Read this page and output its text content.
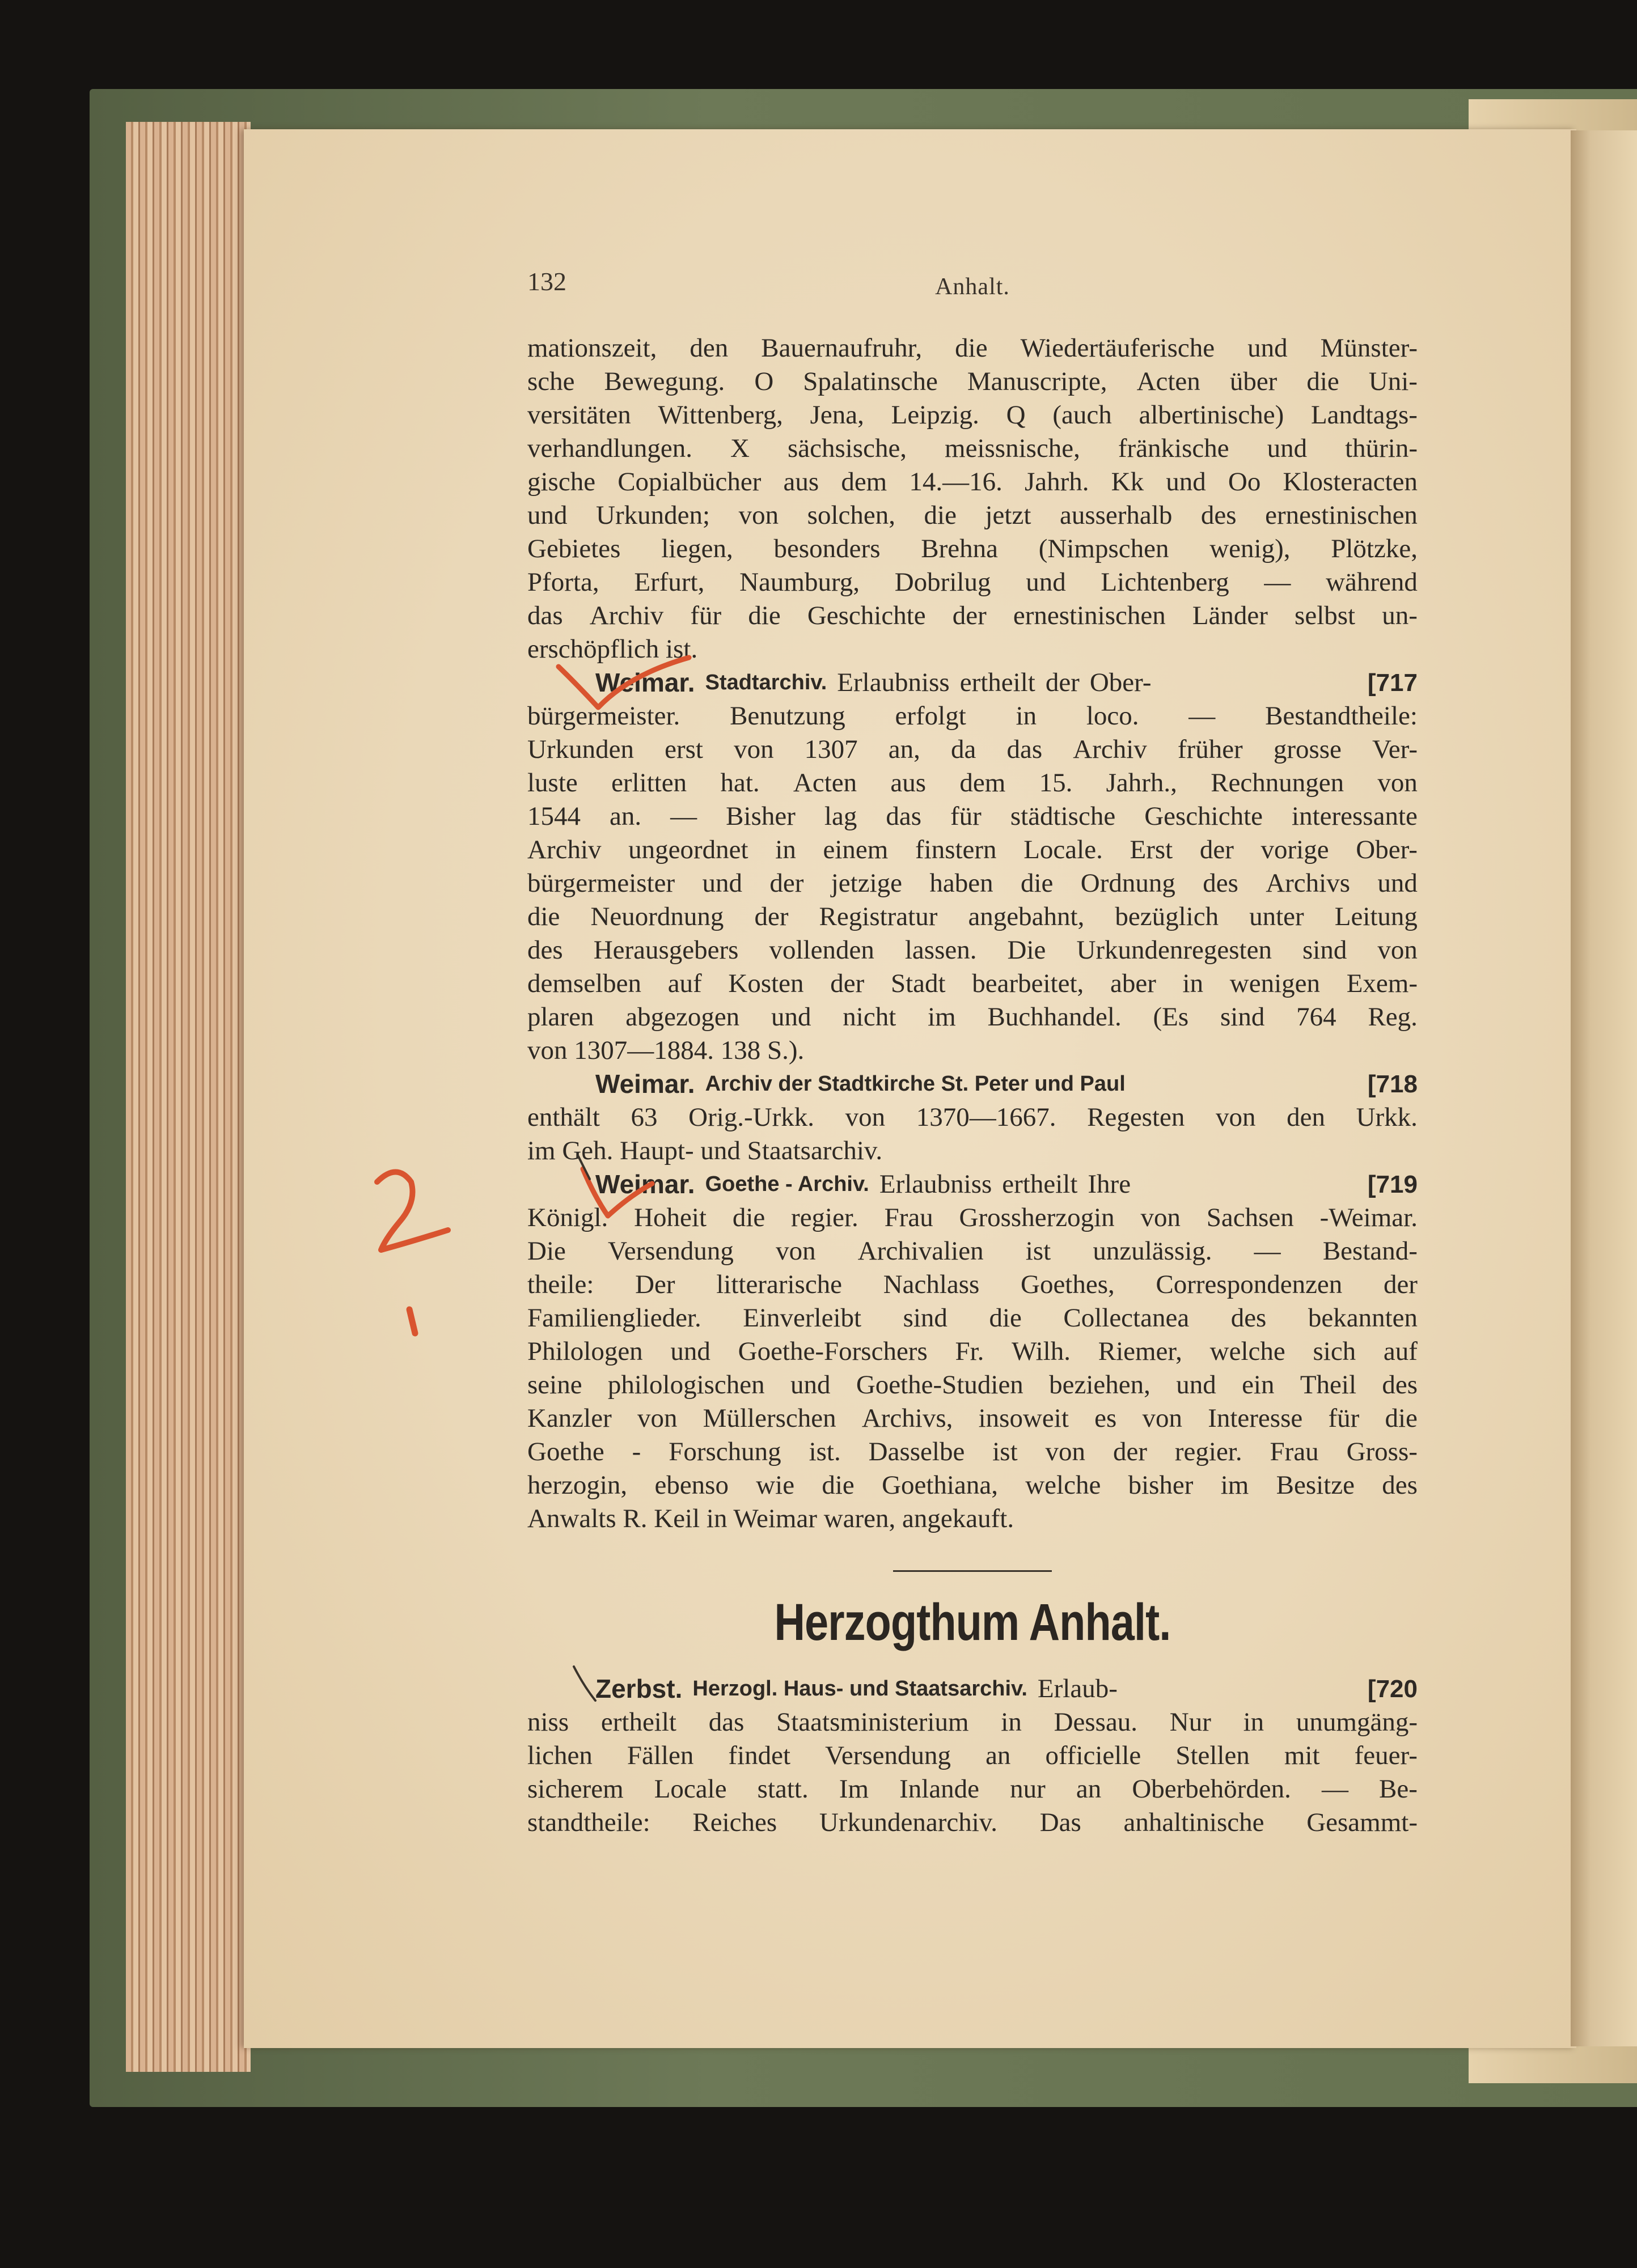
132	Anhalt.
mationszeit, den Bauernaufruhr, die Wiedertäuferische und Münster-
sche Bewegung. O Spalatinsche Manuscripte, Acten über die Uni-
versitäten Wittenberg, Jena, Leipzig. Q (auch albertinische) Landtags-
verhandlungen. X sächsische, meissnische, fränkische und thürin-
gische Copialbücher aus dem 14.—16. Jahrh. Kk und Oo Klosteracten
und Urkunden; von solchen, die jetzt ausserhalb des ernestinischen
Gebietes liegen, besonders Brehna (Nimpschen wenig), Plötzke,
Pforta, Erfurt, Naumburg, Dobrilug und Lichtenberg — während
das Archiv für die Geschichte der ernestinischen Länder selbst un-
erschöpflich ist.
Weimar. Stadtarchiv. Erlaubniss ertheilt der Ober-	[717
bürgermeister. Benutzung erfolgt in loco. — Bestandtheile:
Urkunden erst von 1307 an, da das Archiv früher grosse Ver-
luste erlitten hat. Acten aus dem 15. Jahrh., Rechnungen von
1544 an. — Bisher lag das für städtische Geschichte interessante
Archiv ungeordnet in einem finstern Locale. Erst der vorige Ober-
bürgermeister und der jetzige haben die Ordnung des Archivs und
die Neuordnung der Registratur angebahnt, bezüglich unter Leitung
des Herausgebers vollenden lassen. Die Urkundenregesten sind von
demselben auf Kosten der Stadt bearbeitet, aber in wenigen Exem-
plaren abgezogen und nicht im Buchhandel. (Es sind 764 Reg.
von 1307—1884. 138 S.).
Weimar. Archiv der Stadtkirche St. Peter und Paul	[718
enthält 63 Orig.-Urkk. von 1370—1667. Regesten von den Urkk.
im Geh. Haupt- und Staatsarchiv.
Weimar. Goethe - Archiv. Erlaubniss ertheilt Ihre	[719
Königl. Hoheit die regier. Frau Grossherzogin von Sachsen -Weimar.
Die Versendung von Archivalien ist unzulässig. — Bestand-
theile: Der litterarische Nachlass Goethes, Correspondenzen der
Familienglieder. Einverleibt sind die Collectanea des bekannten
Philologen und Goethe-Forschers Fr. Wilh. Riemer, welche sich auf
seine philologischen und Goethe-Studien beziehen, und ein Theil des
Kanzler von Müllerschen Archivs, insoweit es von Interesse für die
Goethe - Forschung ist. Dasselbe ist von der regier. Frau Gross-
herzogin, ebenso wie die Goethiana, welche bisher im Besitze des
Anwalts R. Keil in Weimar waren, angekauft.
Herzogthum Anhalt.
Zerbst. Herzogl. Haus- und Staatsarchiv. Erlaub-	[720
niss ertheilt das Staatsministerium in Dessau. Nur in unumgäng-
lichen Fällen findet Versendung an officielle Stellen mit feuer-
sicherem Locale statt. Im Inlande nur an Oberbehörden. — Be-
standtheile: Reiches Urkundenarchiv. Das anhaltinische Gesammt-
